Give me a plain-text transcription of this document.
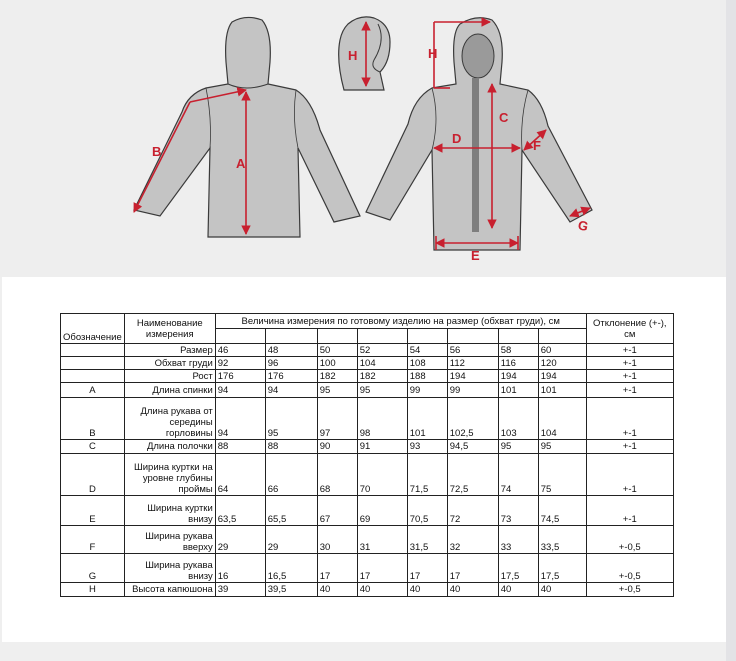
A
B
H	H
C
D
E
F
G
Обозначение	Наименование измерения	Величина измерения по готовому изделию на размер (обхват груди), см								Отклонение (+-), см

	Размер	46	48	50	52	54	56	58	60	+-1
	Обхват груди	92	96	100	104	108	112	116	120	+-1
	Рост	176	176	182	182	188	194	194	194	+-1
A	Длина спинки	94	94	95	95	99	99	101	101	+-1
B	Длина рукава от середины горловины	94	95	97	98	101	102,5	103	104	+-1
C	Длина полочки	88	88	90	91	93	94,5	95	95	+-1
D	Ширина куртки на уровне глубины проймы	64	66	68	70	71,5	72,5	74	75	+-1
E	Ширина куртки внизу	63,5	65,5	67	69	70,5	72	73	74,5	+-1
F	Ширина рукава вверху	29	29	30	31	31,5	32	33	33,5	+-0,5
G	Ширина рукава внизу	16	16,5	17	17	17	17	17,5	17,5	+-0,5
H	Высота капюшона	39	39,5	40	40	40	40	40	40	+-0,5
